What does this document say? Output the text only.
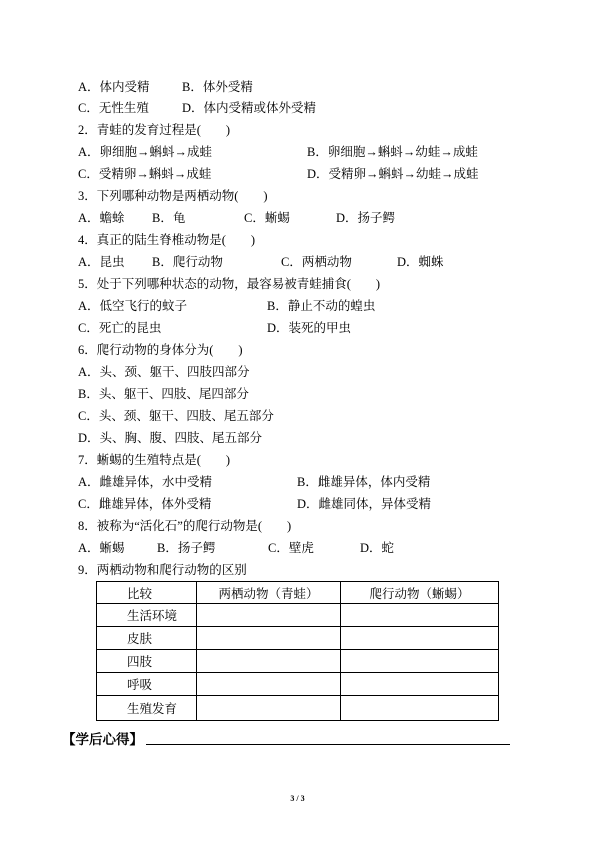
A．体内受精	B．体外受精
C．无性生殖	D．体内受精或体外受精
2．青蛙的发育过程是(　　)
A．卵细胞→蝌蚪→成蛙	B．卵细胞→蝌蚪→幼蛙→成蛙
C．受精卵→蝌蚪→成蛙	D．受精卵→蝌蚪→幼蛙→成蛙
3．下列哪种动物是两栖动物(　　)
A．蟾蜍 B．龟	C．蜥蜴	D．扬子鳄
4．真正的陆生脊椎动物是(　　)
A．昆虫 B．爬行动物	C．两栖动物	D．蜘蛛
5．处于下列哪种状态的动物，最容易被青蛙捕食(　　)
A．低空飞行的蚊子	B．静止不动的蝗虫
C．死亡的昆虫	D．装死的甲虫
6．爬行动物的身体分为(　　)
A．头、颈、躯干、四肢四部分
B．头、躯干、四肢、尾四部分
C．头、颈、躯干、四肢、尾五部分
D．头、胸、腹、四肢、尾五部分
7．蜥蜴的生殖特点是(　　)
A．雌雄异体，水中受精	B．雌雄异体，体内受精
C．雌雄异体，体外受精	D．雌雄同体，异体受精
8．被称为“活化石”的爬行动物是(　　)
A．蜥蜴	B．扬子鳄	C．壁虎	D．蛇
9．两栖动物和爬行动物的区别
比较	两栖动物（青蛙）	爬行动物（蜥蜴）
生活环境		
皮肤		
四肢		
呼吸		
生殖发育		
【学后心得】
3 / 3
